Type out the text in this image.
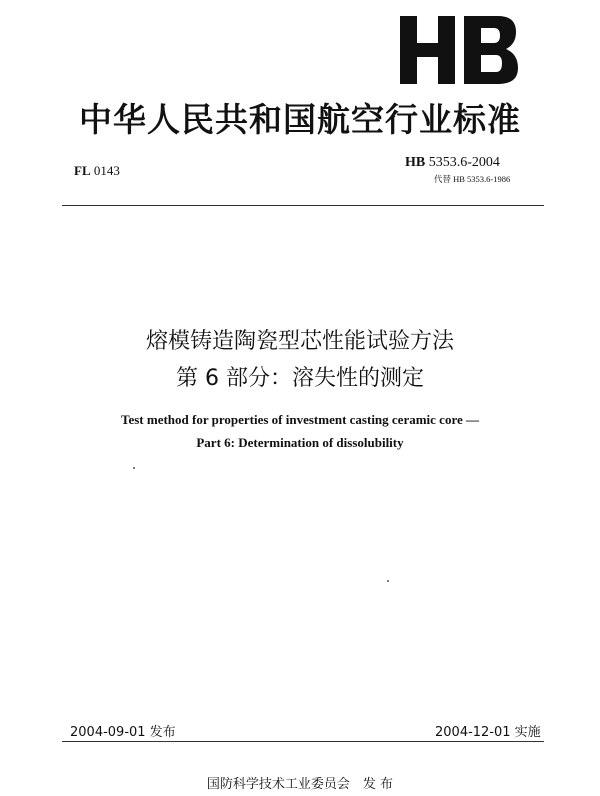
中华人民共和国航空行业标准
FL 0143
HB 5353.6-2004
代替 HB 5353.6-1986
熔模铸造陶瓷型芯性能试验方法
第 6 部分：溶失性的测定
Test method for properties of investment casting ceramic core —
Part 6: Determination of dissolubility
2004-09-01 发布	2004-12-01 实施
国防科学技术工业委员会　发 布
